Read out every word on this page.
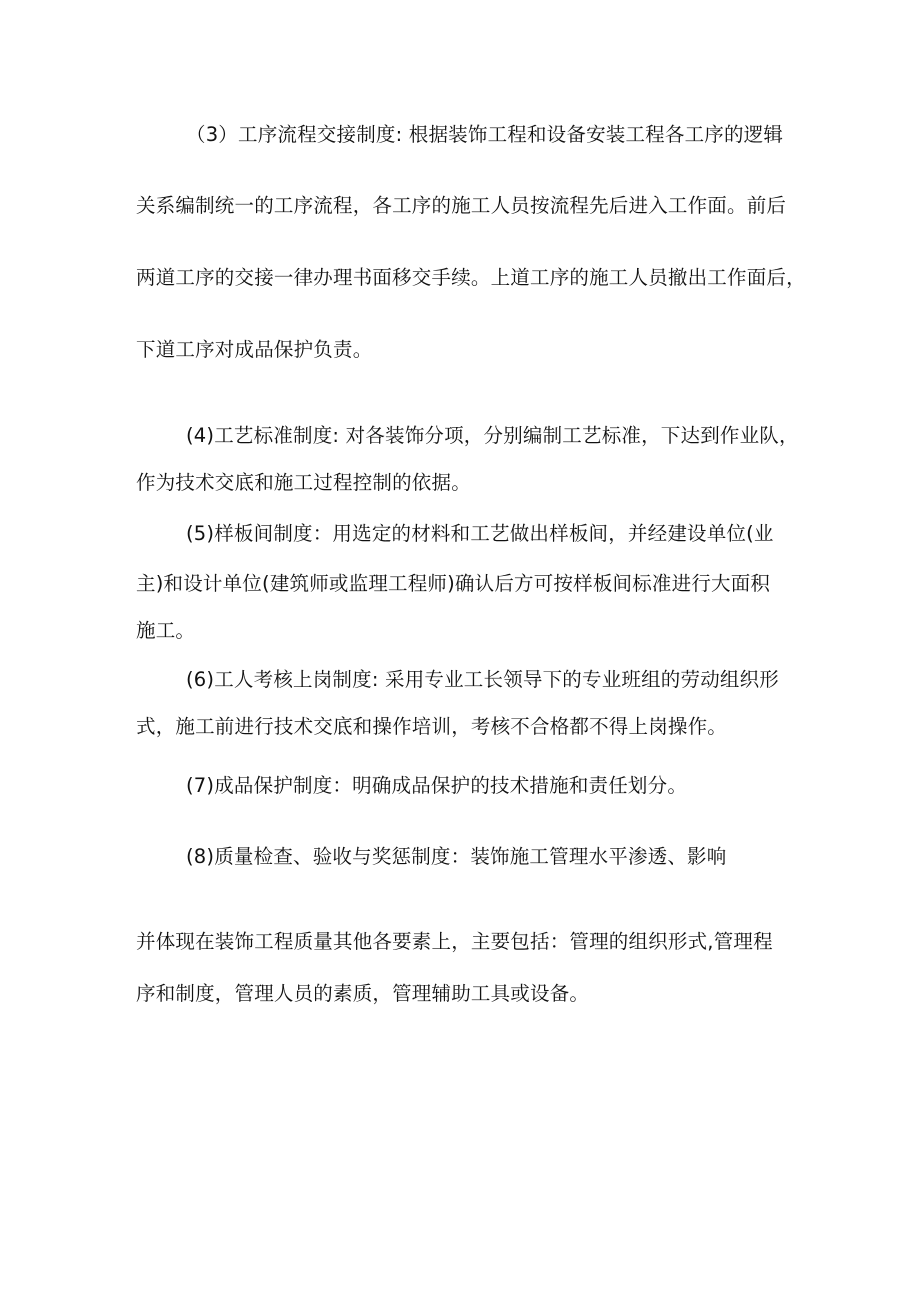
（3）工序流程交接制度: 根据装饰工程和设备安装工程各工序的逻辑
关系编制统一的工序流程，各工序的施工人员按流程先后进入工作面。前后
两道工序的交接一律办理书面移交手续。上道工序的施工人员撤出工作面后，
下道工序对成品保护负责。
(4)工艺标准制度: 对各装饰分项，分别编制工艺标准，下达到作业队，
作为技术交底和施工过程控制的依据。
(5)样板间制度：用选定的材料和工艺做出样板间，并经建设单位(业
主)和设计单位(建筑师或监理工程师)确认后方可按样板间标准进行大面积
施工。
(6)工人考核上岗制度: 采用专业工长领导下的专业班组的劳动组织形
式，施工前进行技术交底和操作培训，考核不合格都不得上岗操作。
(7)成品保护制度：明确成品保护的技术措施和责任划分。
(8)质量检查、验收与奖惩制度：装饰施工管理水平渗透、影响
并体现在装饰工程质量其他各要素上，主要包括：管理的组织形式,管理程
序和制度，管理人员的素质，管理辅助工具或设备。
